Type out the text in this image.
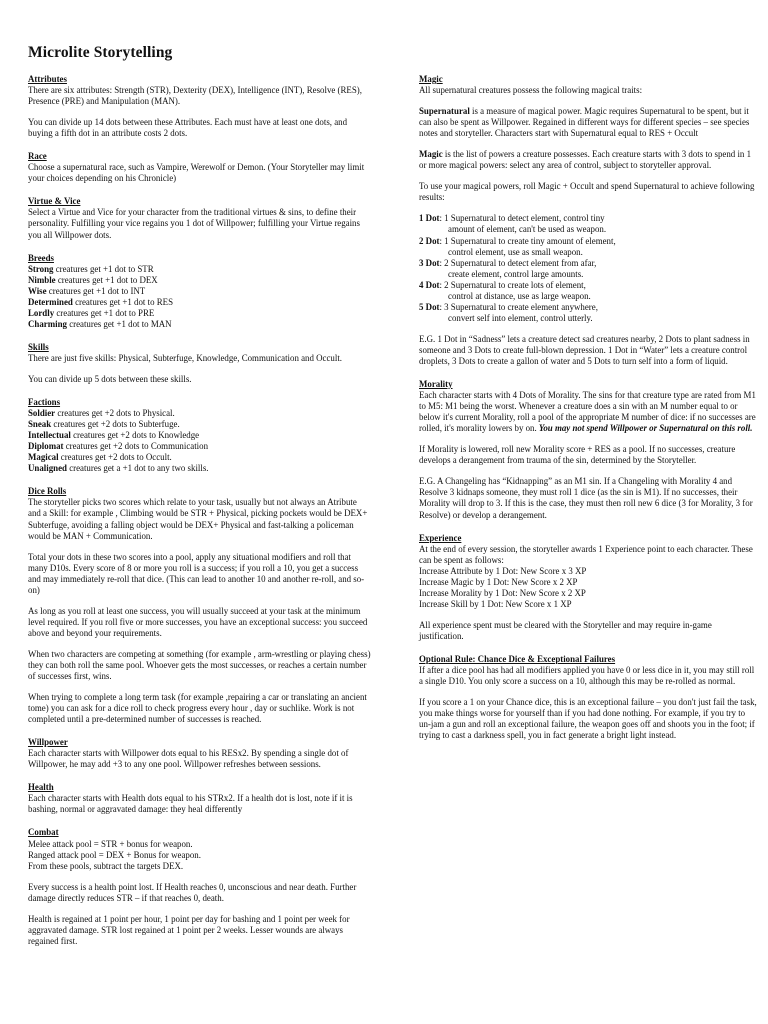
Microlite Storytelling
Attributes

There are six attributes: Strength (STR), Dexterity (DEX), Intelligence (INT), Resolve (RES), Presence (PRE) and Manipulation (MAN).

You can divide up 14 dots between these Attributes. Each must have at least one dots, and buying a fifth dot in an attribute costs 2 dots.

Race

Choose a supernatural race, such as Vampire, Werewolf or Demon. (Your Storyteller may limit your choices depending on his Chronicle)

Virtue & Vice

Select a Virtue and Vice for your character from the traditional virtues & sins, to define their personality. Fulfilling your vice regains you 1 dot of Willpower; fulfilling your Virtue regains you all Willpower dots.

Breeds
Strong creatures get +1 dot to STR
Nimble creatures get +1 dot to DEX
Wise creatures get +1 dot to INT
Determined creatures get +1 dot to RES
Lordly creatures get +1 dot to PRE
Charming creatures get +1 dot to MAN
Skills

There are just five skills: Physical, Subterfuge, Knowledge, Communication and Occult.

You can divide up 5 dots between these skills.

Factions
Soldier creatures get +2 dots to Physical.
Sneak creatures get +2 dots to Subterfuge.
Intellectual creatures get +2 dots to Knowledge
Diplomat creatures get +2 dots to Communication
Magical creatures get +2 dots to Occult.
Unaligned creatures get a +1 dot to any two skills.
Dice Rolls

The storyteller picks two scores which relate to your task, usually but not always an Atribute and a Skill: for example , Climbing would be STR + Physical, picking pockets would be DEX+ Subterfuge, avoiding a falling object would be DEX+ Physical and fast-talking a policeman would be MAN + Communication.

Total your dots in these two scores into a pool, apply any situational modifiers and roll that many D10s. Every score of 8 or more you roll is a success; if you roll a 10, you get a success and may immediately re-roll that dice. (This can lead to another 10 and another re-roll, and so-on)

As long as you roll at least one success, you will usually succeed at your task at the minimum level required. If you roll five or more successes, you have an exceptional success: you succeed above and beyond your requirements.

When two characters are competing at something (for example , arm-wrestling or playing chess) they can both roll the same pool. Whoever gets the most successes, or reaches a certain number of successes first, wins.

When trying to complete a long term task (for example ,repairing a car or translating an ancient tome) you can ask for a dice roll to check progress every hour , day or suchlike. Work is not completed until a pre-determined number of successes is reached.

Willpower

Each character starts with Willpower dots equal to his RESx2. By spending a single dot of Willpower, he may add +3 to any one pool. Willpower refreshes between sessions.

Health

Each character starts with Health dots equal to his STRx2. If a health dot is lost, note if it is bashing, normal or aggravated damage: they heal differently

Combat

Melee attack pool = STR + bonus for weapon.
Ranged attack pool = DEX + Bonus for weapon.
From these pools, subtract the targets DEX.

Every success is a health point lost. If Health reaches 0, unconscious and near death. Further damage directly reduces STR – if that reaches 0, death.

Health is regained at 1 point per hour, 1 point per day for bashing and 1 point per week for aggravated damage. STR lost regained at 1 point per 2 weeks. Lesser wounds are always regained first.

Magic

All supernatural creatures possess the following magical traits:

Supernatural is a measure of magical power. Magic requires Supernatural to be spent, but it can also be spent as Willpower. Regained in different ways for different species – see species notes and storyteller. Characters start with Supernatural equal to RES + Occult

Magic is the list of powers a creature possesses. Each creature starts with 3 dots to spend in 1 or more magical powers: select any area of control, subject to storyteller approval.

To use your magical powers, roll Magic + Occult and spend Supernatural to achieve following results:

1 Dot: 1 Supernatural to detect element, control tiny
amount of element, can't be used as weapon.
2 Dot: 1 Supernatural to create tiny amount of element,
control element, use as small weapon.
3 Dot: 2 Supernatural to detect element from afar,
create element, control large amounts.
4 Dot: 2 Supernatural to create lots of element,
control at distance, use as large weapon.
5 Dot: 3 Supernatural to create element anywhere,
convert self into element, control utterly.

E.G. 1 Dot in “Sadness” lets a creature detect sad creatures nearby, 2 Dots to plant sadness in someone and 3 Dots to create full-blown depression. 1 Dot in “Water” lets a creature control droplets, 3 Dots to create a gallon of water and 5 Dots to turn self into a form of liquid.

Morality

Each character starts with 4 Dots of Morality. The sins for that creature type are rated from M1 to M5: M1 being the worst. Whenever a creature does a sin with an M number equal to or below it's current Morality, roll a pool of the appropriate M number of dice: if no successes are rolled, it's morality lowers by on. You may not spend Willpower or Supernatural on this roll.

If Morality is lowered, roll new Morality score + RES as a pool. If no successes, creature develops a derangement from trauma of the sin, determined by the Storyteller.

E.G. A Changeling has “Kidnapping” as an M1 sin. If a Changeling with Morality 4 and Resolve 3 kidnaps someone, they must roll 1 dice (as the sin is M1). If no successes, their Morality will drop to 3. If this is the case, they must then roll new 6 dice (3 for Morality, 3 for Resolve) or develop a derangement.

Experience

At the end of every session, the storyteller awards 1 Experience point to each character. These can be spent as follows:
Increase Attribute by 1 Dot: New Score x 3 XP
Increase Magic by 1 Dot: New Score x 2 XP
Increase Morality by 1 Dot: New Score x 2 XP
Increase Skill by 1 Dot: New Score x 1 XP

All experience spent must be cleared with the Storyteller and may require in-game justification.

Optional Rule: Chance Dice & Exceptional Failures

If after a dice pool has had all modifiers applied you have 0 or less dice in it, you may still roll a single D10. You only score a success on a 10, although this may be re-rolled as normal.

If you score a 1 on your Chance dice, this is an exceptional failure – you don't just fail the task, you make things worse for yourself than if you had done nothing. For example, if you try to un-jam a gun and roll an exceptional failure, the weapon goes off and shoots you in the foot; if trying to cast a darkness spell, you in fact generate a bright light instead.
